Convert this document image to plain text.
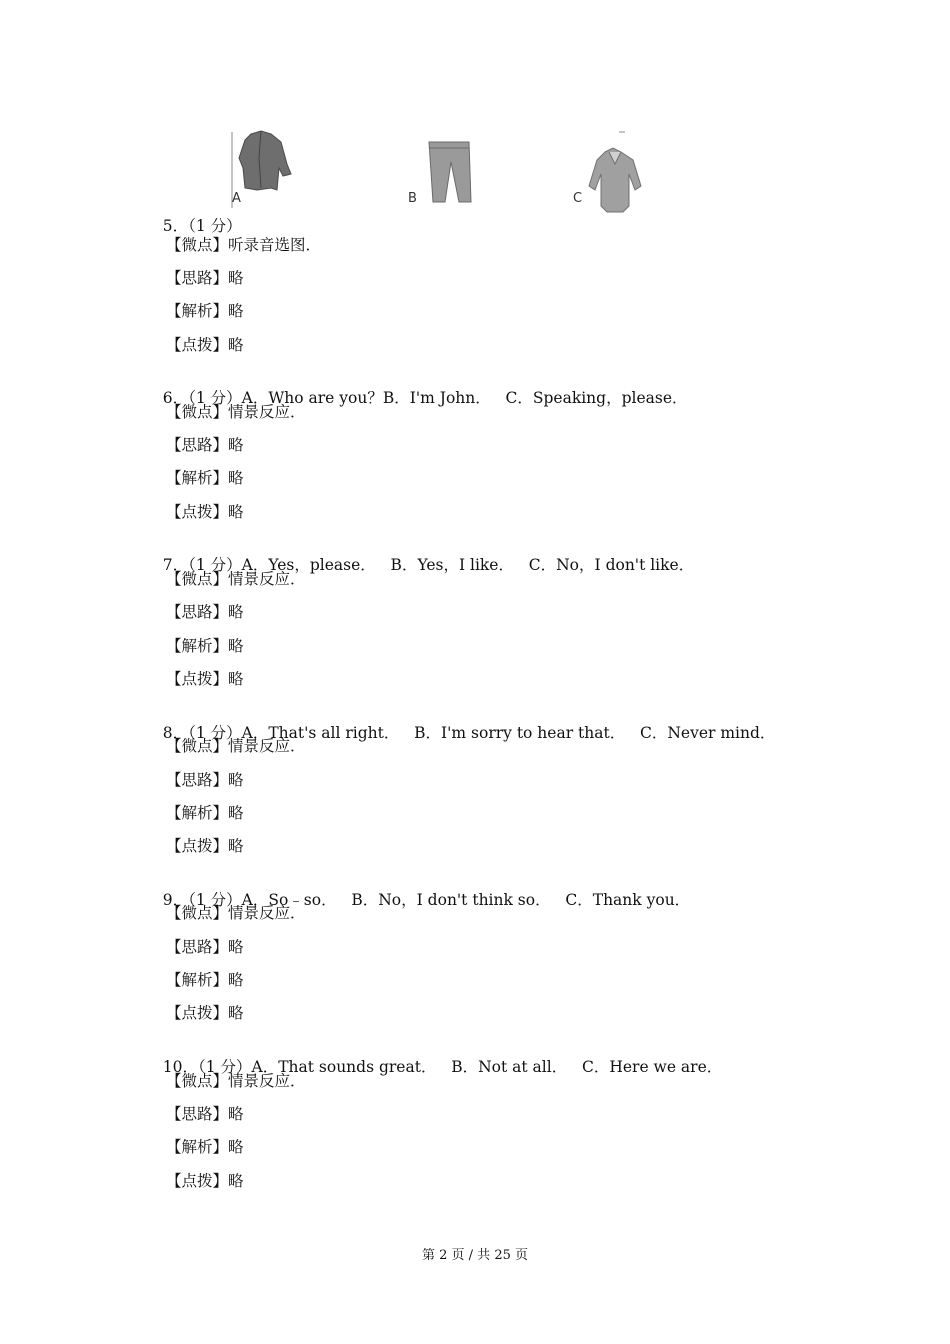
A	B	C

5．（1 分）

【微点】听录音选图．
【思路】略
【解析】略
【点拨】略

6．（1 分）A．Who are you？B．I'm John．   C．Speaking，please．

【微点】情景反应．
【思路】略
【解析】略
【点拨】略

7．（1 分）A．Yes，please．   B．Yes，I like．   C．No，I don't like．

【微点】情景反应．
【思路】略
【解析】略
【点拨】略

8．（1 分）A．That's all right．   B．I'm sorry to hear that．   C．Never mind．

【微点】情景反应．
【思路】略
【解析】略
【点拨】略

9．（1 分）A．So﹣so．   B．No，I don't think so．   C．Thank you．

【微点】情景反应．
【思路】略
【解析】略
【点拨】略

10．（1 分）A．That sounds great．   B．Not at all．   C．Here we are．

【微点】情景反应．
【思路】略
【解析】略
【点拨】略
第 2 页 / 共 25 页
